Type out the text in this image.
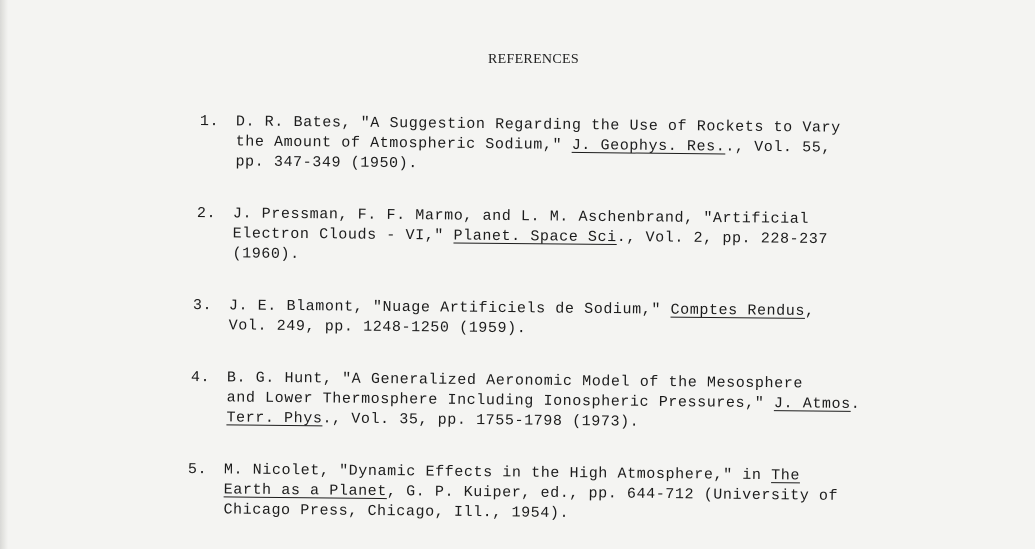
REFERENCES
1. D. R. Bates, "A Suggestion Regarding the Use of Rockets to Vary
the Amount of Atmospheric Sodium," J. Geophys. Res.., Vol. 55,
pp. 347-349 (1950).
2. J. Pressman, F. F. Marmo, and L. M. Aschenbrand, "Artificial
Electron Clouds - VI," Planet. Space Sci., Vol. 2, pp. 228-237
(1960).
3. J. E. Blamont, "Nuage Artificiels de Sodium," Comptes Rendus,
Vol. 249, pp. 1248-1250 (1959).
4. B. G. Hunt, "A Generalized Aeronomic Model of the Mesosphere
and Lower Thermosphere Including Ionospheric Pressures," J. Atmos.
Terr. Phys., Vol. 35, pp. 1755-1798 (1973).
5. M. Nicolet, "Dynamic Effects in the High Atmosphere," in The
Earth as a Planet, G. P. Kuiper, ed., pp. 644-712 (University of
Chicago Press, Chicago, Ill., 1954).
